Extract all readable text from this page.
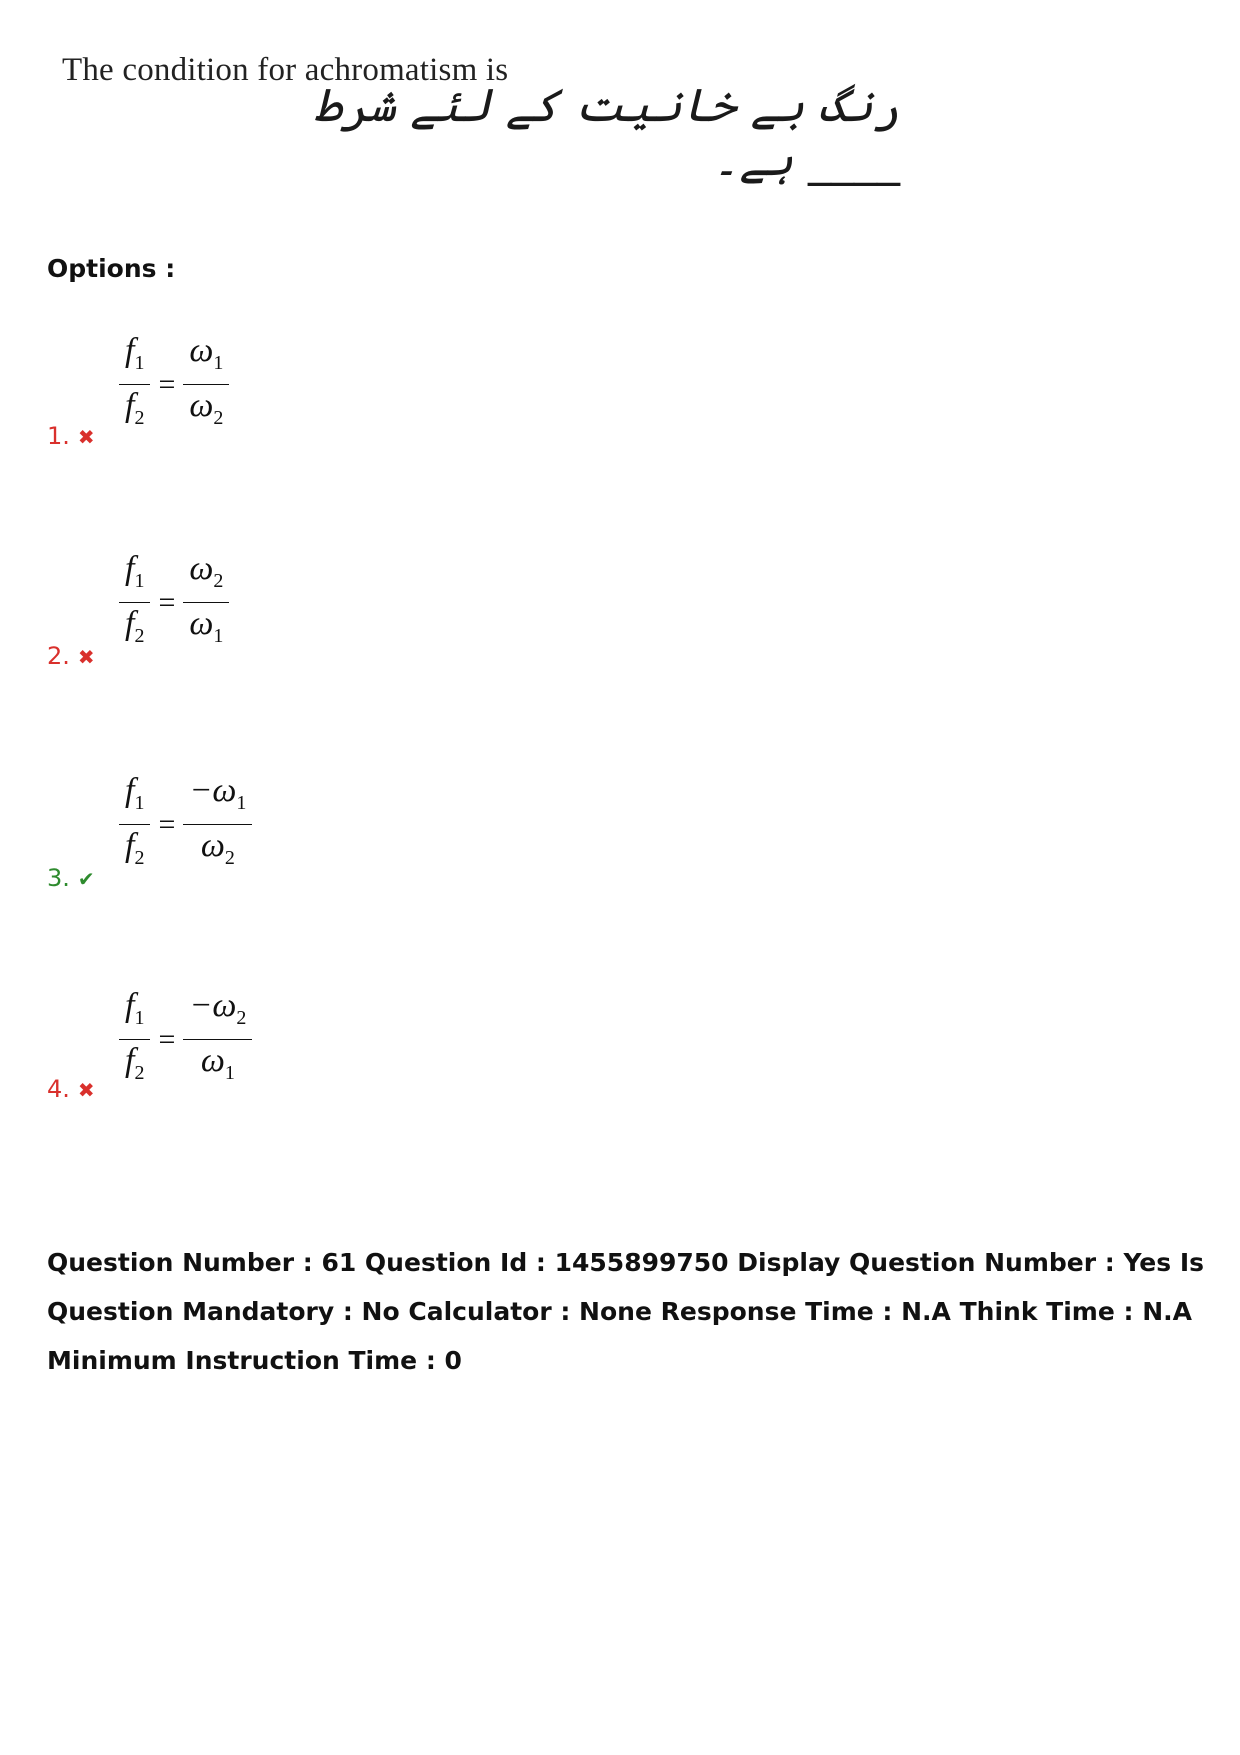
The condition for achromatism is
رنگ بے خانیت کے لئے شرط ____ ہے۔
Options :
$\frac{f_1}{f_2} = \frac{\omega_1}{\omega_2}$
1. ✖
$\frac{f_1}{f_2} = \frac{\omega_2}{\omega_1}$
2. ✖
$\frac{f_1}{f_2} = \frac{-\omega_1}{\omega_2}$
3. ✔
$\frac{f_1}{f_2} = \frac{-\omega_2}{\omega_1}$
4. ✖
Question Number : 61 Question Id : 1455899750 Display Question Number : Yes Is Question Mandatory : No Calculator : None Response Time : N.A Think Time : N.A Minimum Instruction Time : 0
